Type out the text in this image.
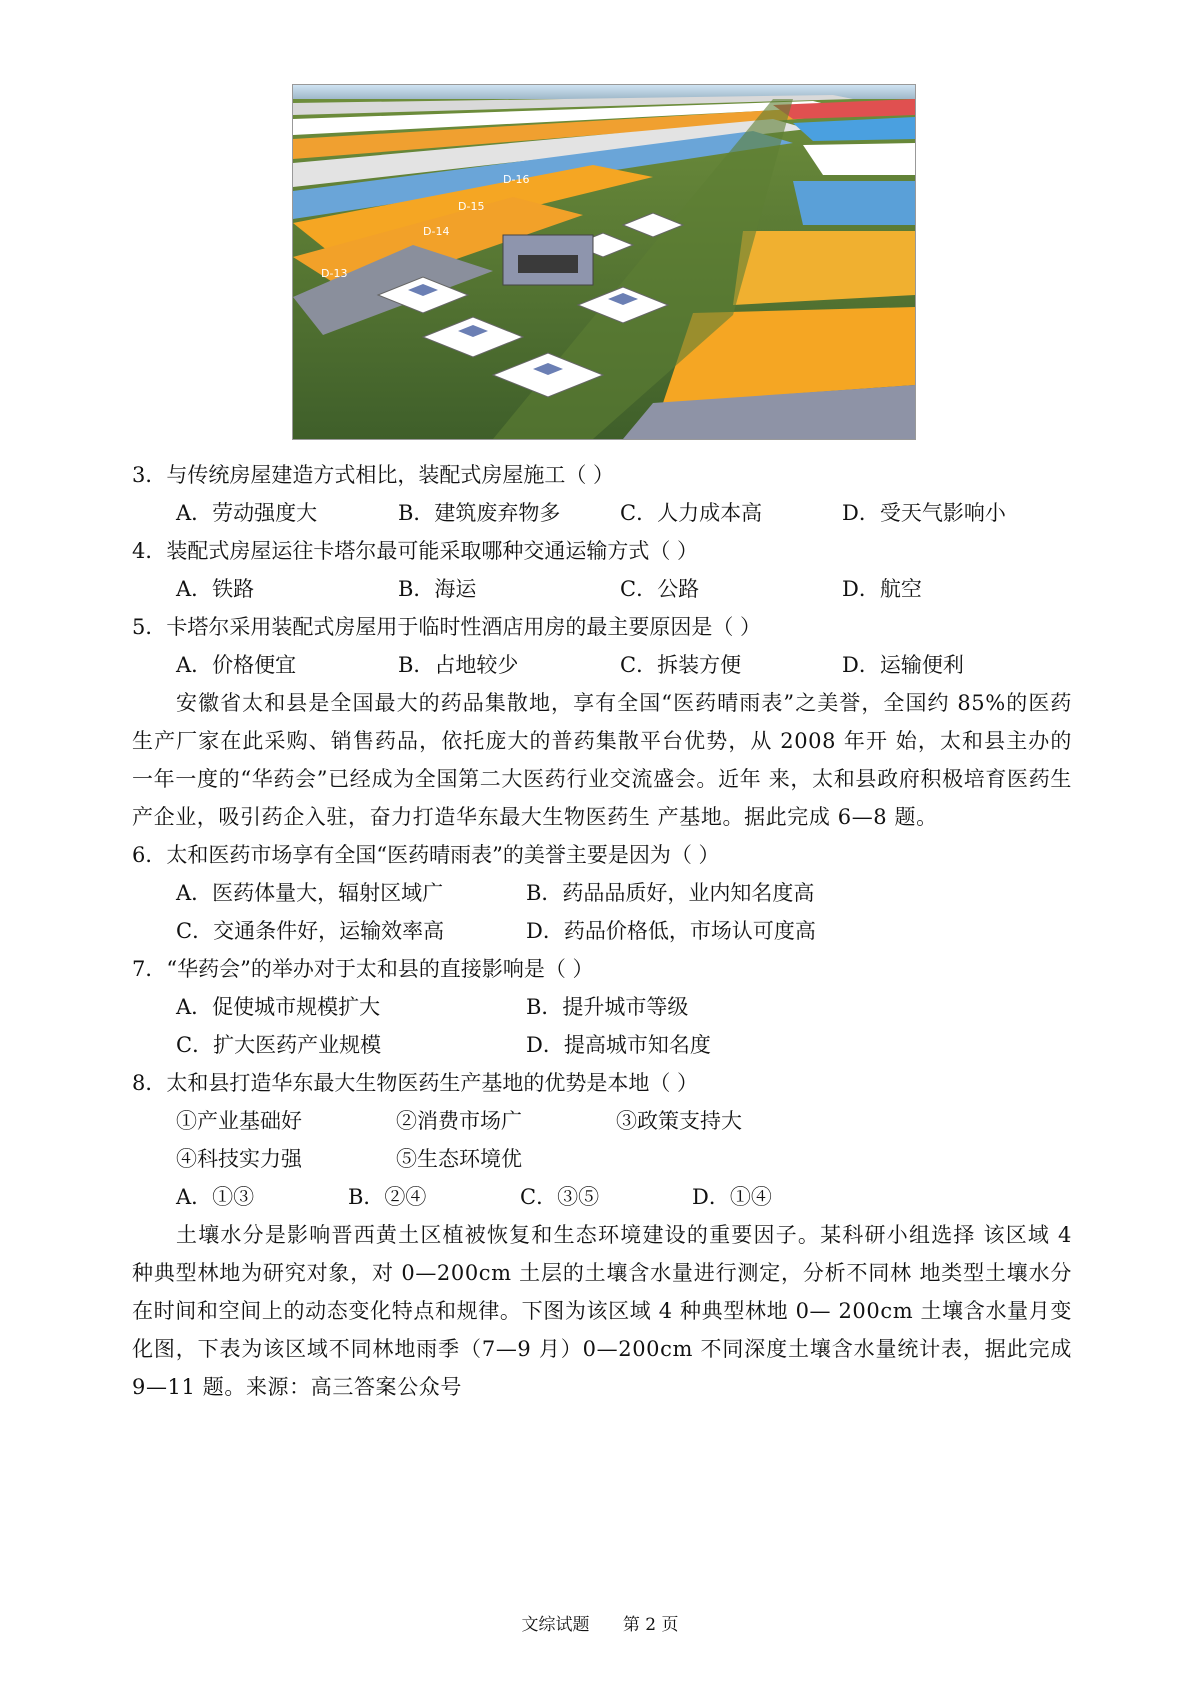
D-13
D-14
D-15
D-16

3．与传统房屋建造方式相比，装配式房屋施工（ ）

A．劳动强度大	B．建筑废弃物多	C．人力成本高	D．受天气影响小

4．装配式房屋运往卡塔尔最可能采取哪种交通运输方式（ ）

A．铁路	B．海运	C．公路	D．航空

5．卡塔尔采用装配式房屋用于临时性酒店用房的最主要原因是（ ）

A．价格便宜	B．占地较少	C．拆装方便	D．运输便利

安徽省太和县是全国最大的药品集散地，享有全国“医药晴雨表”之美誉，全国约 85%的医药生产厂家在此采购、销售药品，依托庞大的普药集散平台优势，从 2008 年开 始，太和县主办的一年一度的“华药会”已经成为全国第二大医药行业交流盛会。近年 来，太和县政府积极培育医药生产企业，吸引药企入驻，奋力打造华东最大生物医药生 产基地。据此完成 6—8 题。

6．太和医药市场享有全国“医药晴雨表”的美誉主要是因为（ ）

A．医药体量大，辐射区域广	B．药品品质好，业内知名度高
C．交通条件好，运输效率高	D．药品价格低，市场认可度高

7．“华药会”的举办对于太和县的直接影响是（ ）

A．促使城市规模扩大	B．提升城市等级
C．扩大医药产业规模	D．提高城市知名度

8．太和县打造华东最大生物医药生产基地的优势是本地（ ）

①产业基础好	②消费市场广	③政策支持大
④科技实力强	⑤生态环境优
A．①③	B．②④	C．③⑤	D．①④

土壤水分是影响晋西黄土区植被恢复和生态环境建设的重要因子。某科研小组选择 该区域 4 种典型林地为研究对象，对 0—200cm 土层的土壤含水量进行测定，分析不同林 地类型土壤水分在时间和空间上的动态变化特点和规律。下图为该区域 4 种典型林地 0— 200cm 土壤含水量月变化图，下表为该区域不同林地雨季（7—9 月）0—200cm 不同深度土壤含水量统计表，据此完成 9—11 题。来源：高三答案公众号

文综试题 第 2 页
